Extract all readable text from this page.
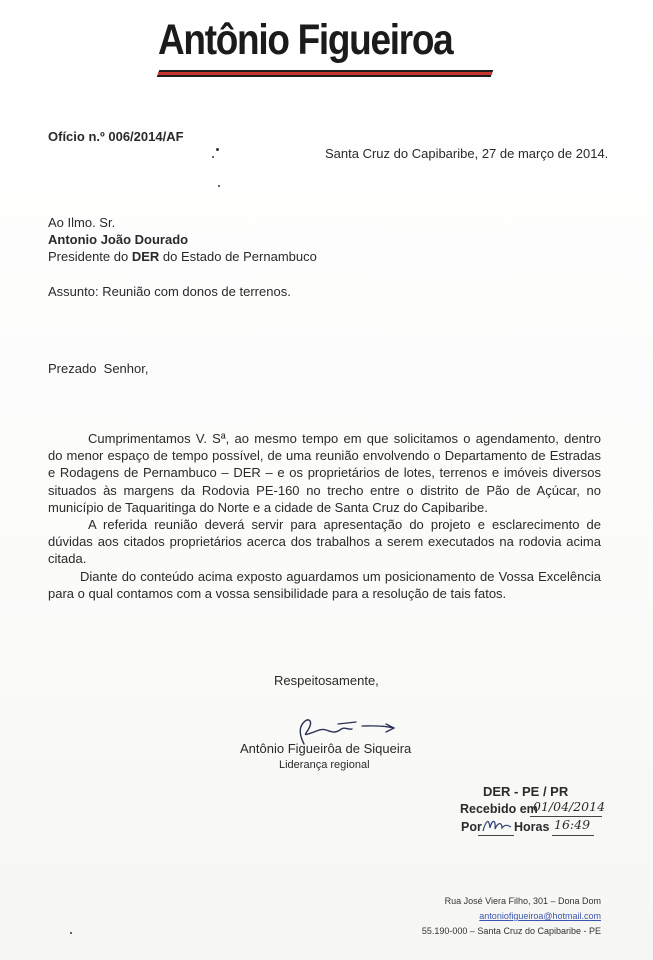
Antônio Figueiroa
Ofício n.º 006/2014/AF
Santa Cruz do Capibaribe, 27 de março de 2014.
Ao Ilmo. Sr.
Antonio João Dourado
Presidente do DER do Estado de Pernambuco
Assunto: Reunião com donos de terrenos.
Prezado  Senhor,

Cumprimentamos V. Sª, ao mesmo tempo em que solicitamos o agendamento, dentro do menor espaço de tempo possível, de uma reunião envolvendo o Departamento de Estradas e Rodagens de Pernambuco – DER – e os proprietários de lotes, terrenos e imóveis diversos situados às margens da Rodovia PE-160 no trecho entre o distrito de Pão de Açúcar, no município de Taquaritinga do Norte e a cidade de Santa Cruz do Capibaribe.

A referida reunião deverá servir para apresentação do projeto e esclarecimento de dúvidas aos citados proprietários acerca dos trabalhos a serem executados na rodovia acima citada.

Diante do conteúdo acima exposto aguardamos um posicionamento de Vossa Excelência para o qual contamos com a vossa sensibilidade para a resolução de tais fatos.

Respeitosamente,
Antônio Figueirôa de Siqueira
Liderança regional
DER - PE / PR
Recebido em
01/04/2014
Por	Horas 16:49
Rua José Viera Filho, 301 – Dona Dom
antoniofigueiroa@hotmail.com
55.190-000 – Santa Cruz do Capibaribe - PE
